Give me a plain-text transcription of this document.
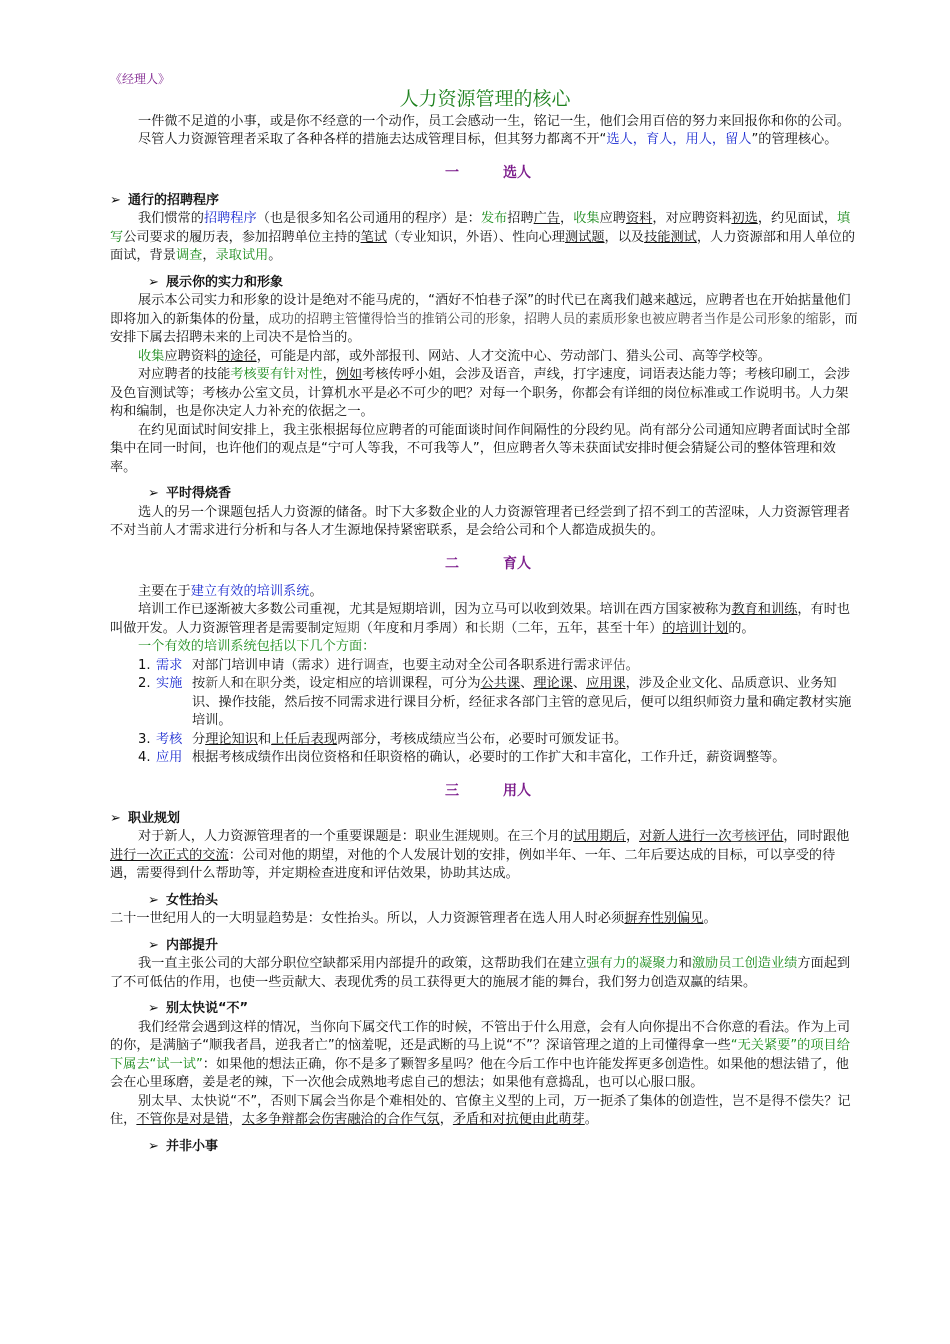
《经理人》
人力资源管理的核心

一件微不足道的小事，或是你不经意的一个动作，员工会感动一生，铭记一生，他们会用百倍的努力来回报你和你的公司。

尽管人力资源管理者采取了各种各样的措施去达成管理目标，但其努力都离不开“选人，育人，用人，留人”的管理核心。

一	选人
➢ 通行的招聘程序

我们惯常的招聘程序（也是很多知名公司通用的程序）是：发布招聘广告，收集应聘资料，对应聘资料初选，约见面试，填写公司要求的履历表，参加招聘单位主持的笔试（专业知识，外语）、性向心理测试题，以及技能测试，人力资源部和用人单位的面试，背景调查，录取试用。

➢ 展示你的实力和形象

展示本公司实力和形象的设计是绝对不能马虎的，“酒好不怕巷子深”的时代已在离我们越来越远，应聘者也在开始掂量他们即将加入的新集体的份量，成功的招聘主管懂得恰当的推销公司的形象，招聘人员的素质形象也被应聘者当作是公司形象的缩影，而安排下属去招聘未来的上司决不是恰当的。

收集应聘资料的途径，可能是内部，或外部报刊、网站、人才交流中心、劳动部门、猎头公司、高等学校等。

对应聘者的技能考核要有针对性，例如考核传呼小姐，会涉及语音，声线，打字速度，词语表达能力等；考核印刷工，会涉及色盲测试等；考核办公室文员，计算机水平是必不可少的吧？对每一个职务，你都会有详细的岗位标准或工作说明书。人力架构和编制，也是你决定人力补充的依据之一。

在约见面试时间安排上，我主张根据每位应聘者的可能面谈时间作间隔性的分段约见。尚有部分公司通知应聘者面试时全部集中在同一时间，也许他们的观点是“宁可人等我，不可我等人”，但应聘者久等未获面试安排时便会猜疑公司的整体管理和效率。

➢ 平时得烧香

选人的另一个课题包括人力资源的储备。时下大多数企业的人力资源管理者已经尝到了招不到工的苦涩味，人力资源管理者不对当前人才需求进行分析和与各人才生源地保持紧密联系，是会给公司和个人都造成损失的。

二	育人

主要在于建立有效的培训系统。

培训工作已逐渐被大多数公司重视，尤其是短期培训，因为立马可以收到效果。培训在西方国家被称为教育和训练，有时也叫做开发。人力资源管理者是需要制定短期（年度和月季周）和长期（二年，五年，甚至十年）的培训计划的。

一个有效的培训系统包括以下几个方面：

1. 需求 对部门培训申请（需求）进行调查，也要主动对全公司各职系进行需求评估。
2. 实施 按新人和在职分类，设定相应的培训课程，可分为公共课、理论课、应用课，涉及企业文化、品质意识、业务知识、操作技能，然后按不同需求进行课目分析，经征求各部门主管的意见后，便可以组织师资力量和确定教材实施培训。
3. 考核 分理论知识和上任后表现两部分，考核成绩应当公布，必要时可颁发证书。
4. 应用 根据考核成绩作出岗位资格和任职资格的确认，必要时的工作扩大和丰富化，工作升迁，薪资调整等。
三	用人
➢ 职业规划

对于新人，人力资源管理者的一个重要课题是：职业生涯规则。在三个月的试用期后，对新人进行一次考核评估，同时跟他进行一次正式的交流：公司对他的期望，对他的个人发展计划的安排，例如半年、一年、二年后要达成的目标，可以享受的待遇，需要得到什么帮助等，并定期检查进度和评估效果，协助其达成。

➢ 女性抬头

二十一世纪用人的一大明显趋势是：女性抬头。所以，人力资源管理者在选人用人时必须摒弃性别偏见。

➢ 内部提升

我一直主张公司的大部分职位空缺都采用内部提升的政策，这帮助我们在建立强有力的凝聚力和激励员工创造业绩方面起到了不可低估的作用，也使一些贡献大、表现优秀的员工获得更大的施展才能的舞台，我们努力创造双赢的结果。

➢ 别太快说“不”

我们经常会遇到这样的情况，当你向下属交代工作的时候，不管出于什么用意，会有人向你提出不合你意的看法。作为上司的你，是满脑子“顺我者昌，逆我者亡”的恼羞呢，还是武断的马上说“不”？深谙管理之道的上司懂得拿一些“无关紧要”的项目给下属去“试一试”：如果他的想法正确，你不是多了颗智多星吗？他在今后工作中也许能发挥更多创造性。如果他的想法错了，他会在心里琢磨，姜是老的辣，下一次他会成熟地考虑自己的想法；如果他有意捣乱，也可以心服口服。

别太早、太快说“不”，否则下属会当你是个难相处的、官僚主义型的上司，万一扼杀了集体的创造性，岂不是得不偿失？记住，不管你是对是错，太多争辩都会伤害融洽的合作气氛，矛盾和对抗便由此萌芽。

➢ 并非小事
